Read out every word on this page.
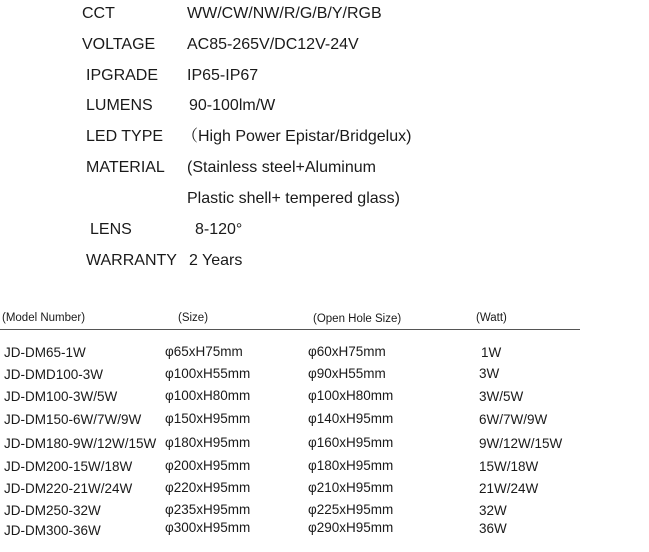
CCT	WW/CW/NW/R/G/B/Y/RGB
VOLTAGE AC85-265V/DC12V-24V
IPGRADE IP65-IP67
LUMENS 90-100lm/W
LED TYPE （High Power Epistar/Bridgelux)
MATERIAL (Stainless steel+Aluminum
Plastic shell+ tempered glass)
LENS	8-120°
WARRANTY 2 Years
(Model Number)	(Size)	(Open Hole Size)	(Watt)
JD-DM65-1W	φ65xH75mm	φ60xH75mm	1W
JD-DMD100-3W	φ100xH55mm	φ90xH55mm	3W
JD-DM100-3W/5W	φ100xH80mm	φ100xH80mm	3W/5W
JD-DM150-6W/7W/9W φ150xH95mm	φ140xH95mm	6W/7W/9W
JD-DM180-9W/12W/15W φ180xH95mm	φ160xH95mm	9W/12W/15W
JD-DM200-15W/18W φ200xH95mm	φ180xH95mm	15W/18W
JD-DM220-21W/24W φ220xH95mm	φ210xH95mm	21W/24W
JD-DM250-32W	φ235xH95mm	φ225xH95mm	32W
JD-DM300-36W	φ300xH95mm	φ290xH95mm	36W
